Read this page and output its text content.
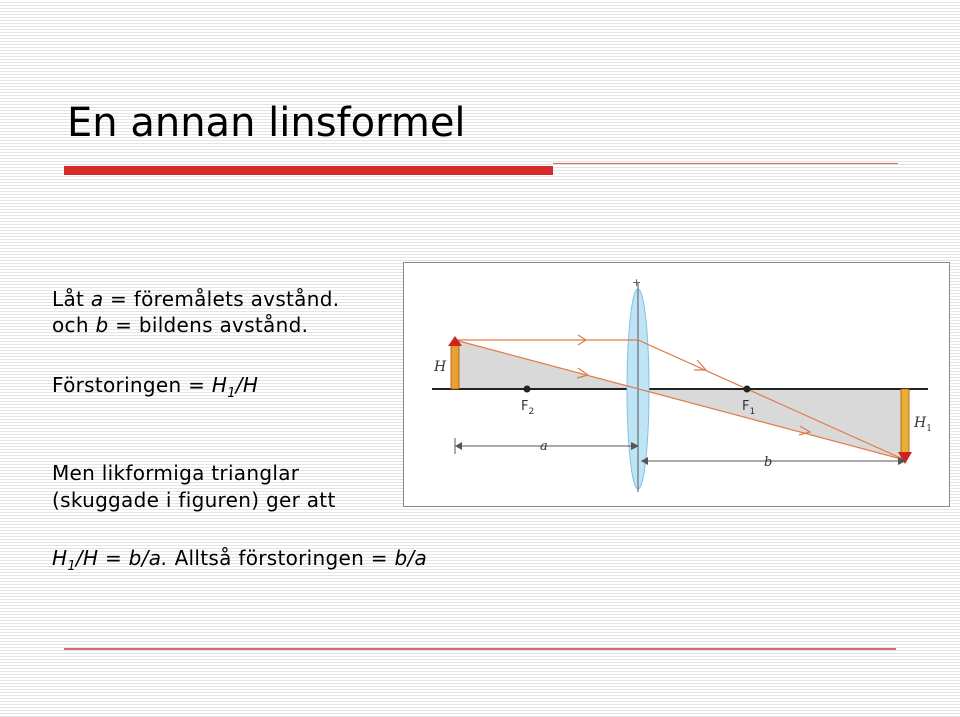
En annan linsformel
Låt a = föremålets avstånd.
och b = bildens avstånd.
Förstoringen = $H_1/H$
Men likformiga trianglar
(skuggade i figuren) ger att
$H_1/H = b/a$. Alltså förstoringen = b/a
+
H
$H_1$
$F_2$	$F_1$
a
b
